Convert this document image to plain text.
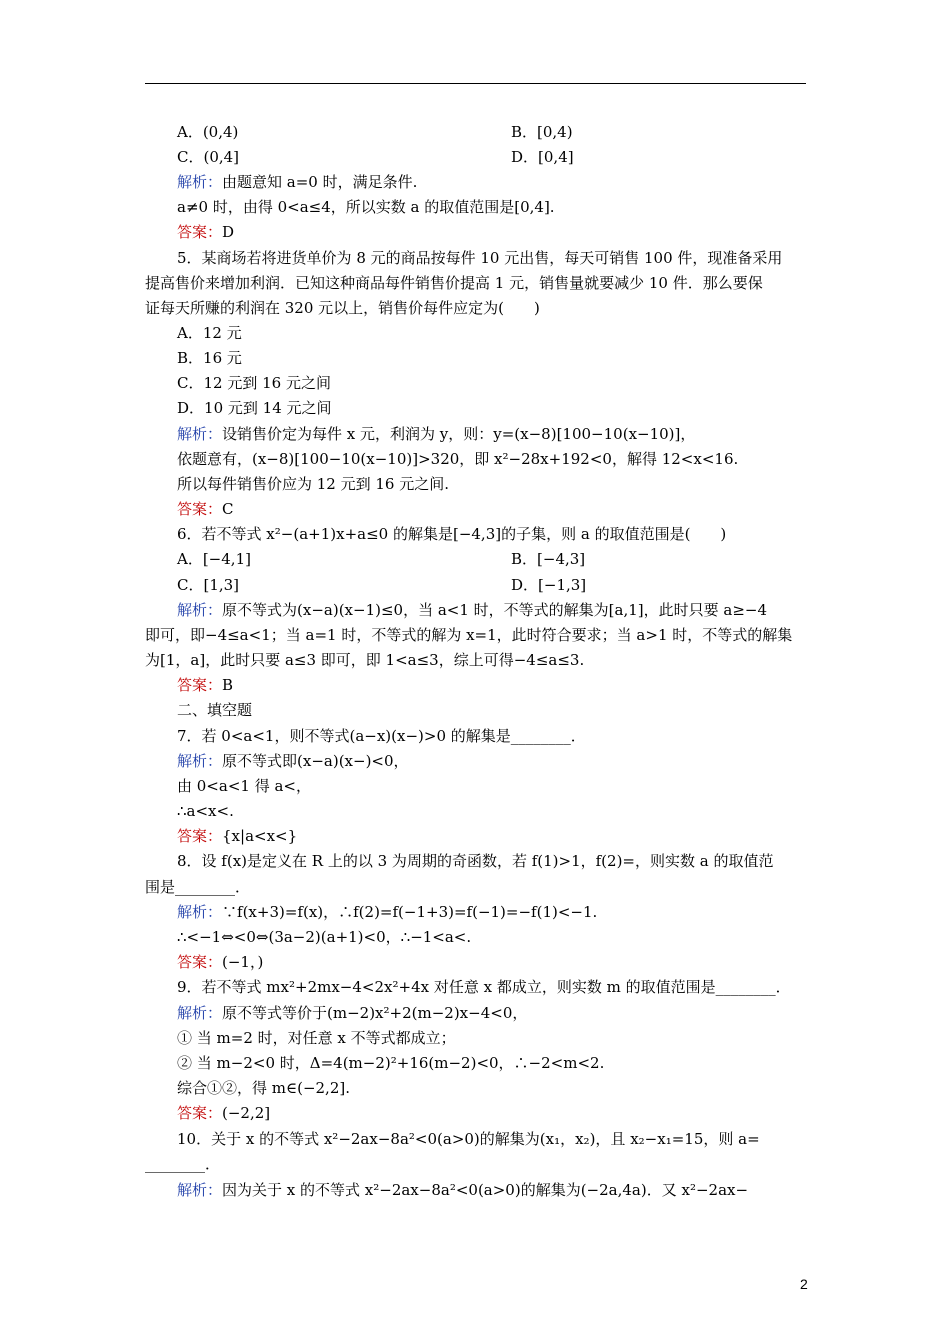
A．(0,4)	B．[0,4)
C．(0,4]	D．[0,4]
解析：由题意知 a=0 时，满足条件.
a≠0 时，由得 0<a≤4，所以实数 a 的取值范围是[0,4].
答案：D
5．某商场若将进货单价为 8 元的商品按每件 10 元出售，每天可销售 100 件，现准备采用
提高售价来增加利润．已知这种商品每件销售价提高 1 元，销售量就要减少 10 件．那么要保
证每天所赚的利润在 320 元以上，销售价每件应定为(　　)
A．12 元
B．16 元
C．12 元到 16 元之间
D．10 元到 14 元之间
解析：设销售价定为每件 x 元，利润为 y，则：y=(x−8)[100−10(x−10)]，
依题意有，(x−8)[100−10(x−10)]>320，即 x²−28x+192<0，解得 12<x<16.
所以每件销售价应为 12 元到 16 元之间.
答案：C
6．若不等式 x²−(a+1)x+a≤0 的解集是[−4,3]的子集，则 a 的取值范围是(　　)
A．[−4,1]	B．[−4,3]
C．[1,3]	D．[−1,3]
解析：原不等式为(x−a)(x−1)≤0，当 a<1 时，不等式的解集为[a,1]，此时只要 a≥−4
即可，即−4≤a<1；当 a=1 时，不等式的解为 x=1，此时符合要求；当 a>1 时，不等式的解集
为[1，a]，此时只要 a≤3 即可，即 1<a≤3，综上可得−4≤a≤3.
答案：B
二、填空题
7．若 0<a<1，则不等式(a−x)(x−)>0 的解集是________．
解析：原不等式即(x−a)(x−)<0，
由 0<a<1 得 a<，
∴a<x<.
答案：{x|a<x<}
8．设 f(x)是定义在 R 上的以 3 为周期的奇函数，若 f(1)>1，f(2)=，则实数 a 的取值范
围是________．
解析：∵f(x+3)=f(x)，∴f(2)=f(−1+3)=f(−1)=−f(1)<−1.
∴<−1⇔<0⇔(3a−2)(a+1)<0，∴−1<a<.
答案：(−1，)
9．若不等式 mx²+2mx−4<2x²+4x 对任意 x 都成立，则实数 m 的取值范围是________．
解析：原不等式等价于(m−2)x²+2(m−2)x−4<0，
① 当 m=2 时，对任意 x 不等式都成立；
② 当 m−2<0 时，Δ=4(m−2)²+16(m−2)<0，∴−2<m<2.
综合①②，得 m∈(−2,2].
答案：(−2,2]
10．关于 x 的不等式 x²−2ax−8a²<0(a>0)的解集为(x₁，x₂)，且 x₂−x₁=15，则 a=
________．
解析：因为关于 x 的不等式 x²−2ax−8a²<0(a>0)的解集为(−2a,4a)．又 x²−2ax−
2
